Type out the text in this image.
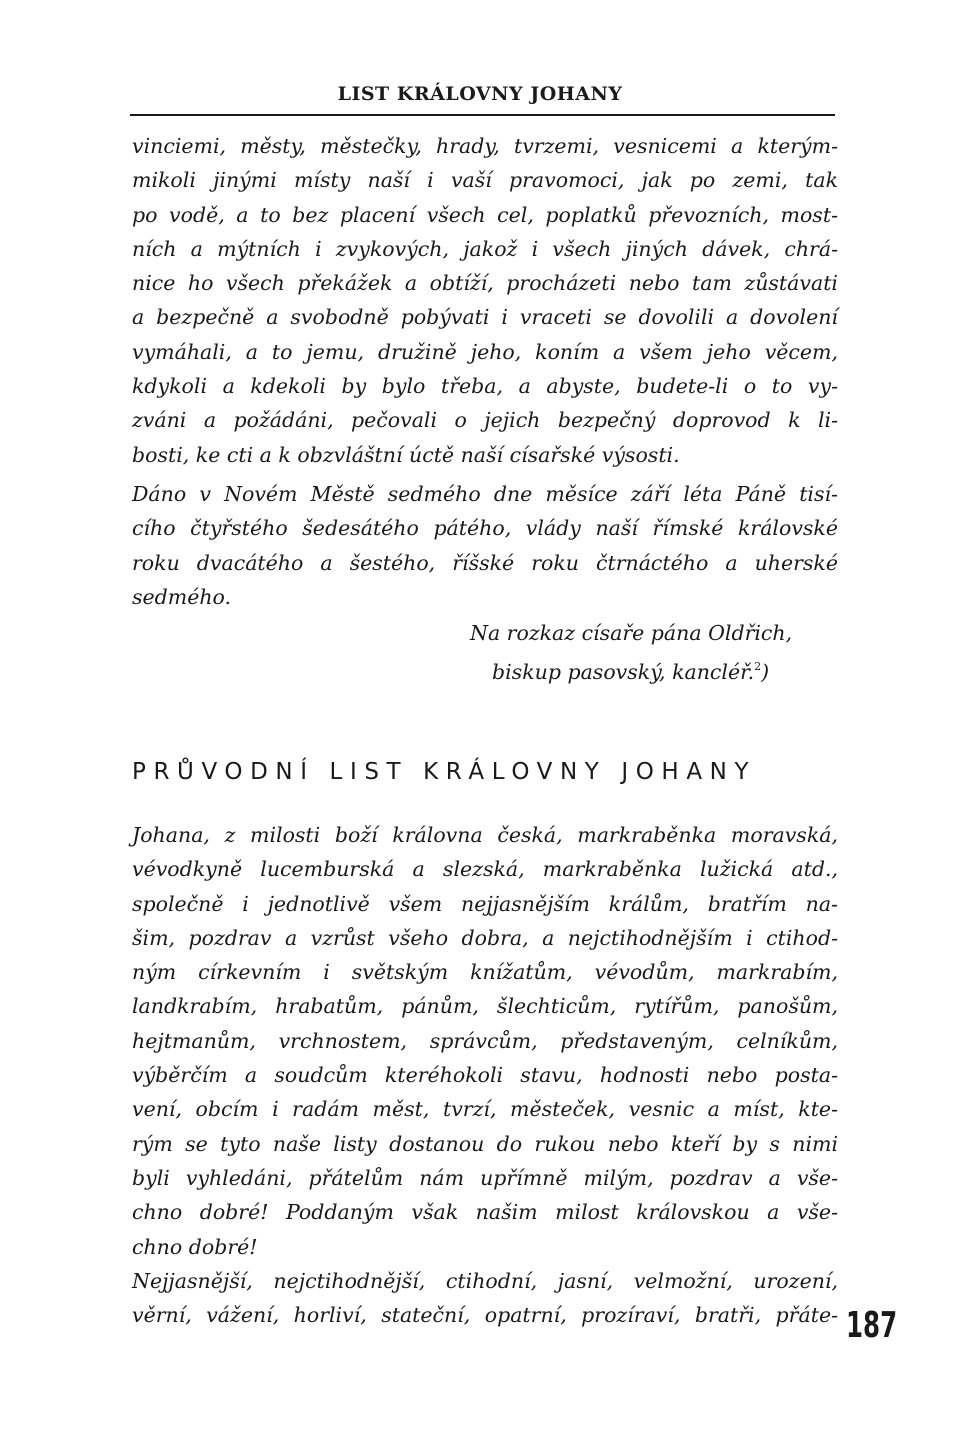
LIST KRÁLOVNY JOHANY
vinciemi, městy, městečky, hrady, tvrzemi, vesnicemi a kterým-
mikoli jinými místy naší i vaší pravomoci, jak po zemi, tak
po vodě, a to bez placení všech cel, poplatků převozních, most-
ních a mýtních i zvykových, jakož i všech jiných dávek, chrá-
nice ho všech překážek a obtíží, procházeti nebo tam zůstávati
a bezpečně a svobodně pobývati i vraceti se dovolili a dovolení
vymáhali, a to jemu, družině jeho, koním a všem jeho věcem,
kdykoli a kdekoli by bylo třeba, a abyste, budete-li o to vy-
zváni a požádáni, pečovali o jejich bezpečný doprovod k li-
bosti, ke cti a k obzvláštní úctě naší císařské výsosti.
Dáno v Novém Městě sedmého dne měsíce září léta Páně tisí-
cího čtyřstého šedesátého pátého, vlády naší římské královské
roku dvacátého a šestého, říšské roku čtrnáctého a uherské
sedmého.
Na rozkaz císaře pána Oldřich,
biskup pasovský, kancléř.$^2$)
PRŮVODNÍ LIST KRÁLOVNY JOHANY
Johana, z milosti boží královna česká, markraběnka moravská,
vévodkyně lucemburská a slezská, markraběnka lužická atd.,
společně i jednotlivě všem nejjasnějším králům, bratřím na-
šim, pozdrav a vzrůst všeho dobra, a nejctihodnějším i ctihod-
ným církevním i světským knížatům, vévodům, markrabím,
landkrabím, hrabatům, pánům, šlechticům, rytířům, panošům,
hejtmanům, vrchnostem, správcům, představeným, celníkům,
výběrčím a soudcům kteréhokoli stavu, hodnosti nebo posta-
vení, obcím i radám měst, tvrzí, městeček, vesnic a míst, kte-
rým se tyto naše listy dostanou do rukou nebo kteří by s nimi
byli vyhledáni, přátelům nám upřímně milým, pozdrav a vše-
chno dobré! Poddaným však našim milost královskou a vše-
chno dobré!
Nejjasnější, nejctihodnější, ctihodní, jasní, velmožní, urození,
věrní, vážení, horliví, stateční, opatrní, prozíraví, bratři, přáte- 187
